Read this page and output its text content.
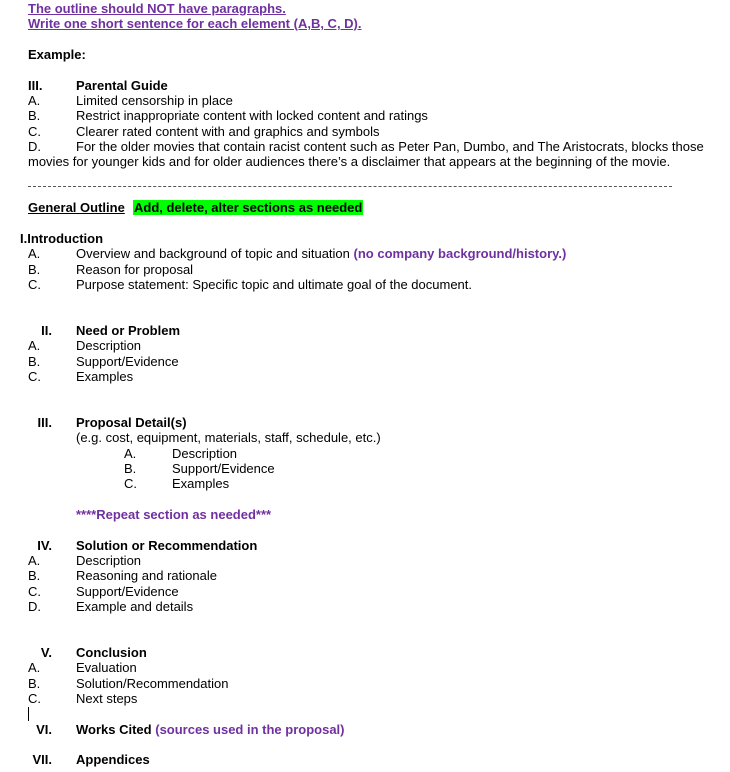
The outline should NOT have paragraphs.
Write one short sentence for each element (A,B, C, D).
Example:
III.	Parental Guide
A.	Limited censorship in place
B.	Restrict inappropriate content with locked content and ratings
C.	Clearer rated content with and graphics and symbols
D.	For the older movies that contain racist content such as Peter Pan, Dumbo, and The Aristocrats, blocks those
movies for younger kids and for older audiences there’s a disclaimer that appears at the beginning of the movie.
General Outline Add, delete, alter sections as needed
I.Introduction
A.	Overview and background of topic and situation (no company background/history.)
B.	Reason for proposal
C.	Purpose statement: Specific topic and ultimate goal of the document.
II. Need or Problem
A.	Description
B.	Support/Evidence
C.	Examples
III. Proposal Detail(s)
(e.g. cost, equipment, materials, staff, schedule, etc.)
A.	Description
B.	Support/Evidence
C.	Examples
****Repeat section as needed***
IV. Solution or Recommendation
A.	Description
B.	Reasoning and rationale
C.	Support/Evidence
D.	Example and details
V. Conclusion
A.	Evaluation
B.	Solution/Recommendation
C.	Next steps
VI. Works Cited (sources used in the proposal)
VII. Appendices
